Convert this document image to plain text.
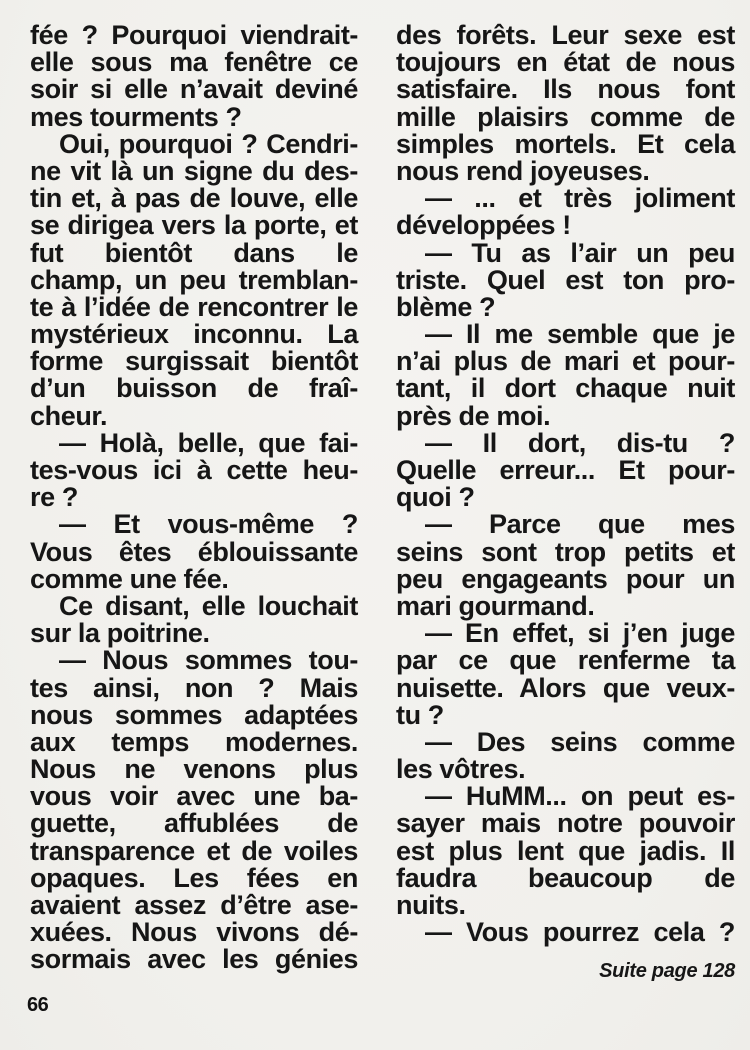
fée ? Pourquoi viendrait-
elle sous ma fenêtre ce
soir si elle n’avait deviné
mes tourments ?
Oui, pourquoi ? Cendri-
ne vit là un signe du des-
tin et, à pas de louve, elle
se dirigea vers la porte, et
fut bientôt dans le
champ, un peu tremblan-
te à l’idée de rencontrer le
mystérieux inconnu. La
forme surgissait bientôt
d’un buisson de fraî-
cheur.
— Holà, belle, que fai-
tes-vous ici à cette heu-
re ?
— Et vous-même ?
Vous êtes éblouissante
comme une fée.
Ce disant, elle louchait
sur la poitrine.
— Nous sommes tou-
tes ainsi, non ? Mais
nous sommes adaptées
aux temps modernes.
Nous ne venons plus
vous voir avec une ba-
guette, affublées de
transparence et de voiles
opaques. Les fées en
avaient assez d’être ase-
xuées. Nous vivons dé-
sormais avec les génies
des forêts. Leur sexe est
toujours en état de nous
satisfaire. Ils nous font
mille plaisirs comme de
simples mortels. Et cela
nous rend joyeuses.
— ... et très joliment
développées !
— Tu as l’air un peu
triste. Quel est ton pro-
blème ?
— Il me semble que je
n’ai plus de mari et pour-
tant, il dort chaque nuit
près de moi.
— Il dort, dis-tu ?
Quelle erreur... Et pour-
quoi ?
— Parce que mes
seins sont trop petits et
peu engageants pour un
mari gourmand.
— En effet, si j’en juge
par ce que renferme ta
nuisette. Alors que veux-
tu ?
— Des seins comme
les vôtres.
— HuMM... on peut es-
sayer mais notre pouvoir
est plus lent que jadis. Il
faudra beaucoup de
nuits.
— Vous pourrez cela ?
Suite page 128
66
